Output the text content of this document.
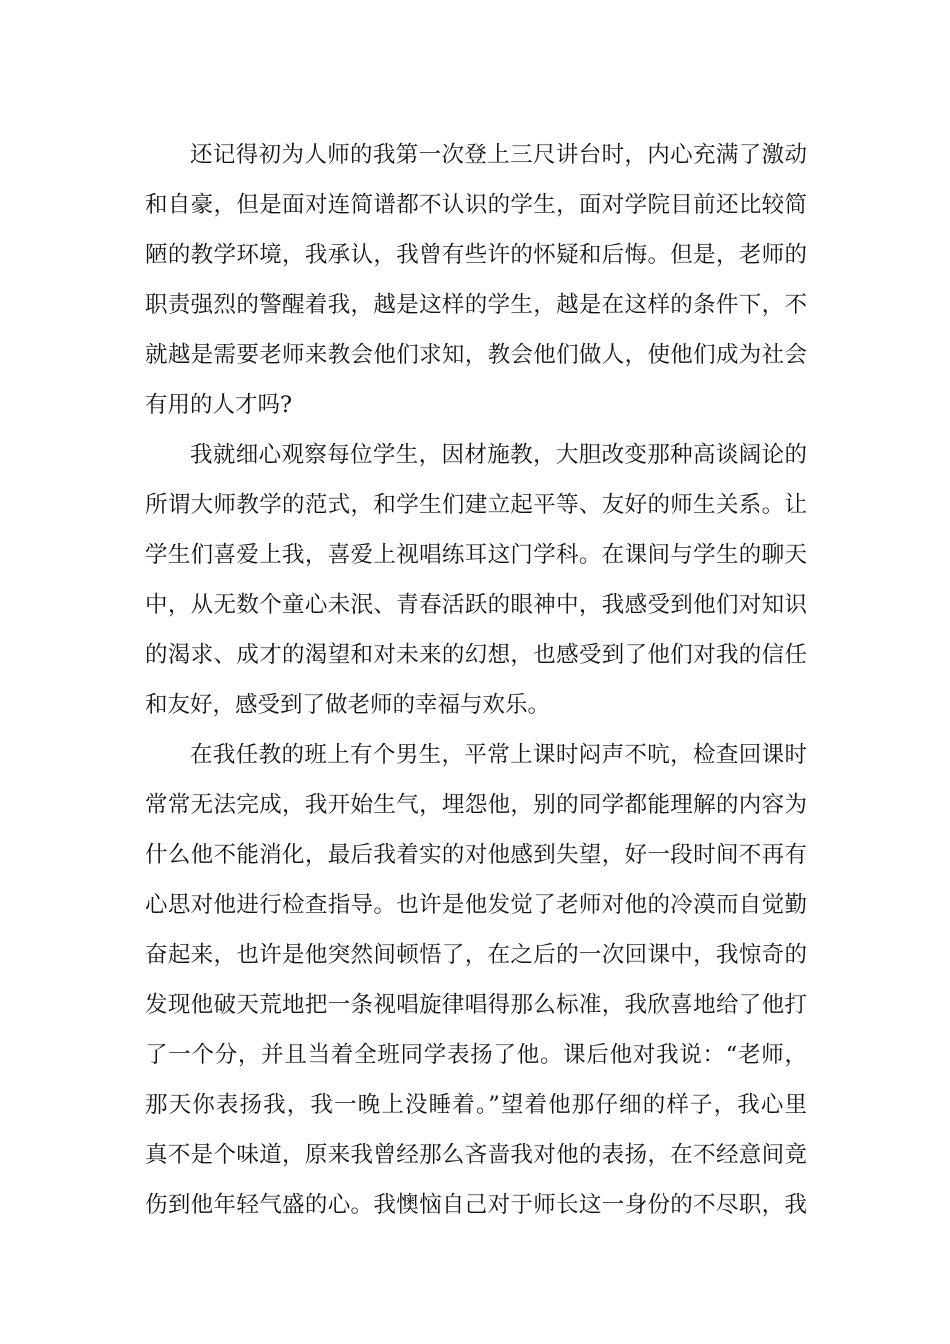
还记得初为人师的我第一次登上三尺讲台时，内心充满了激动
和自豪，但是面对连简谱都不认识的学生，面对学院目前还比较简
陋的教学环境，我承认，我曾有些许的怀疑和后悔。但是，老师的
职责强烈的警醒着我，越是这样的学生，越是在这样的条件下，不
就越是需要老师来教会他们求知，教会他们做人，使他们成为社会
有用的人才吗?
我就细心观察每位学生，因材施教，大胆改变那种高谈阔论的
所谓大师教学的范式，和学生们建立起平等、友好的师生关系。让
学生们喜爱上我，喜爱上视唱练耳这门学科。在课间与学生的聊天
中，从无数个童心未泯、青春活跃的眼神中，我感受到他们对知识
的渴求、成才的渴望和对未来的幻想，也感受到了他们对我的信任
和友好，感受到了做老师的幸福与欢乐。
在我任教的班上有个男生，平常上课时闷声不吭，检查回课时
常常无法完成，我开始生气，埋怨他，别的同学都能理解的内容为
什么他不能消化，最后我着实的对他感到失望，好一段时间不再有
心思对他进行检查指导。也许是他发觉了老师对他的冷漠而自觉勤
奋起来，也许是他突然间顿悟了，在之后的一次回课中，我惊奇的
发现他破天荒地把一条视唱旋律唱得那么标准，我欣喜地给了他打
了一个分，并且当着全班同学表扬了他。课后他对我说：“老师，
那天你表扬我，我一晚上没睡着。”望着他那仔细的样子，我心里
真不是个味道，原来我曾经那么吝啬我对他的表扬，在不经意间竟
伤到他年轻气盛的心。我懊恼自己对于师长这一身份的不尽职，我
